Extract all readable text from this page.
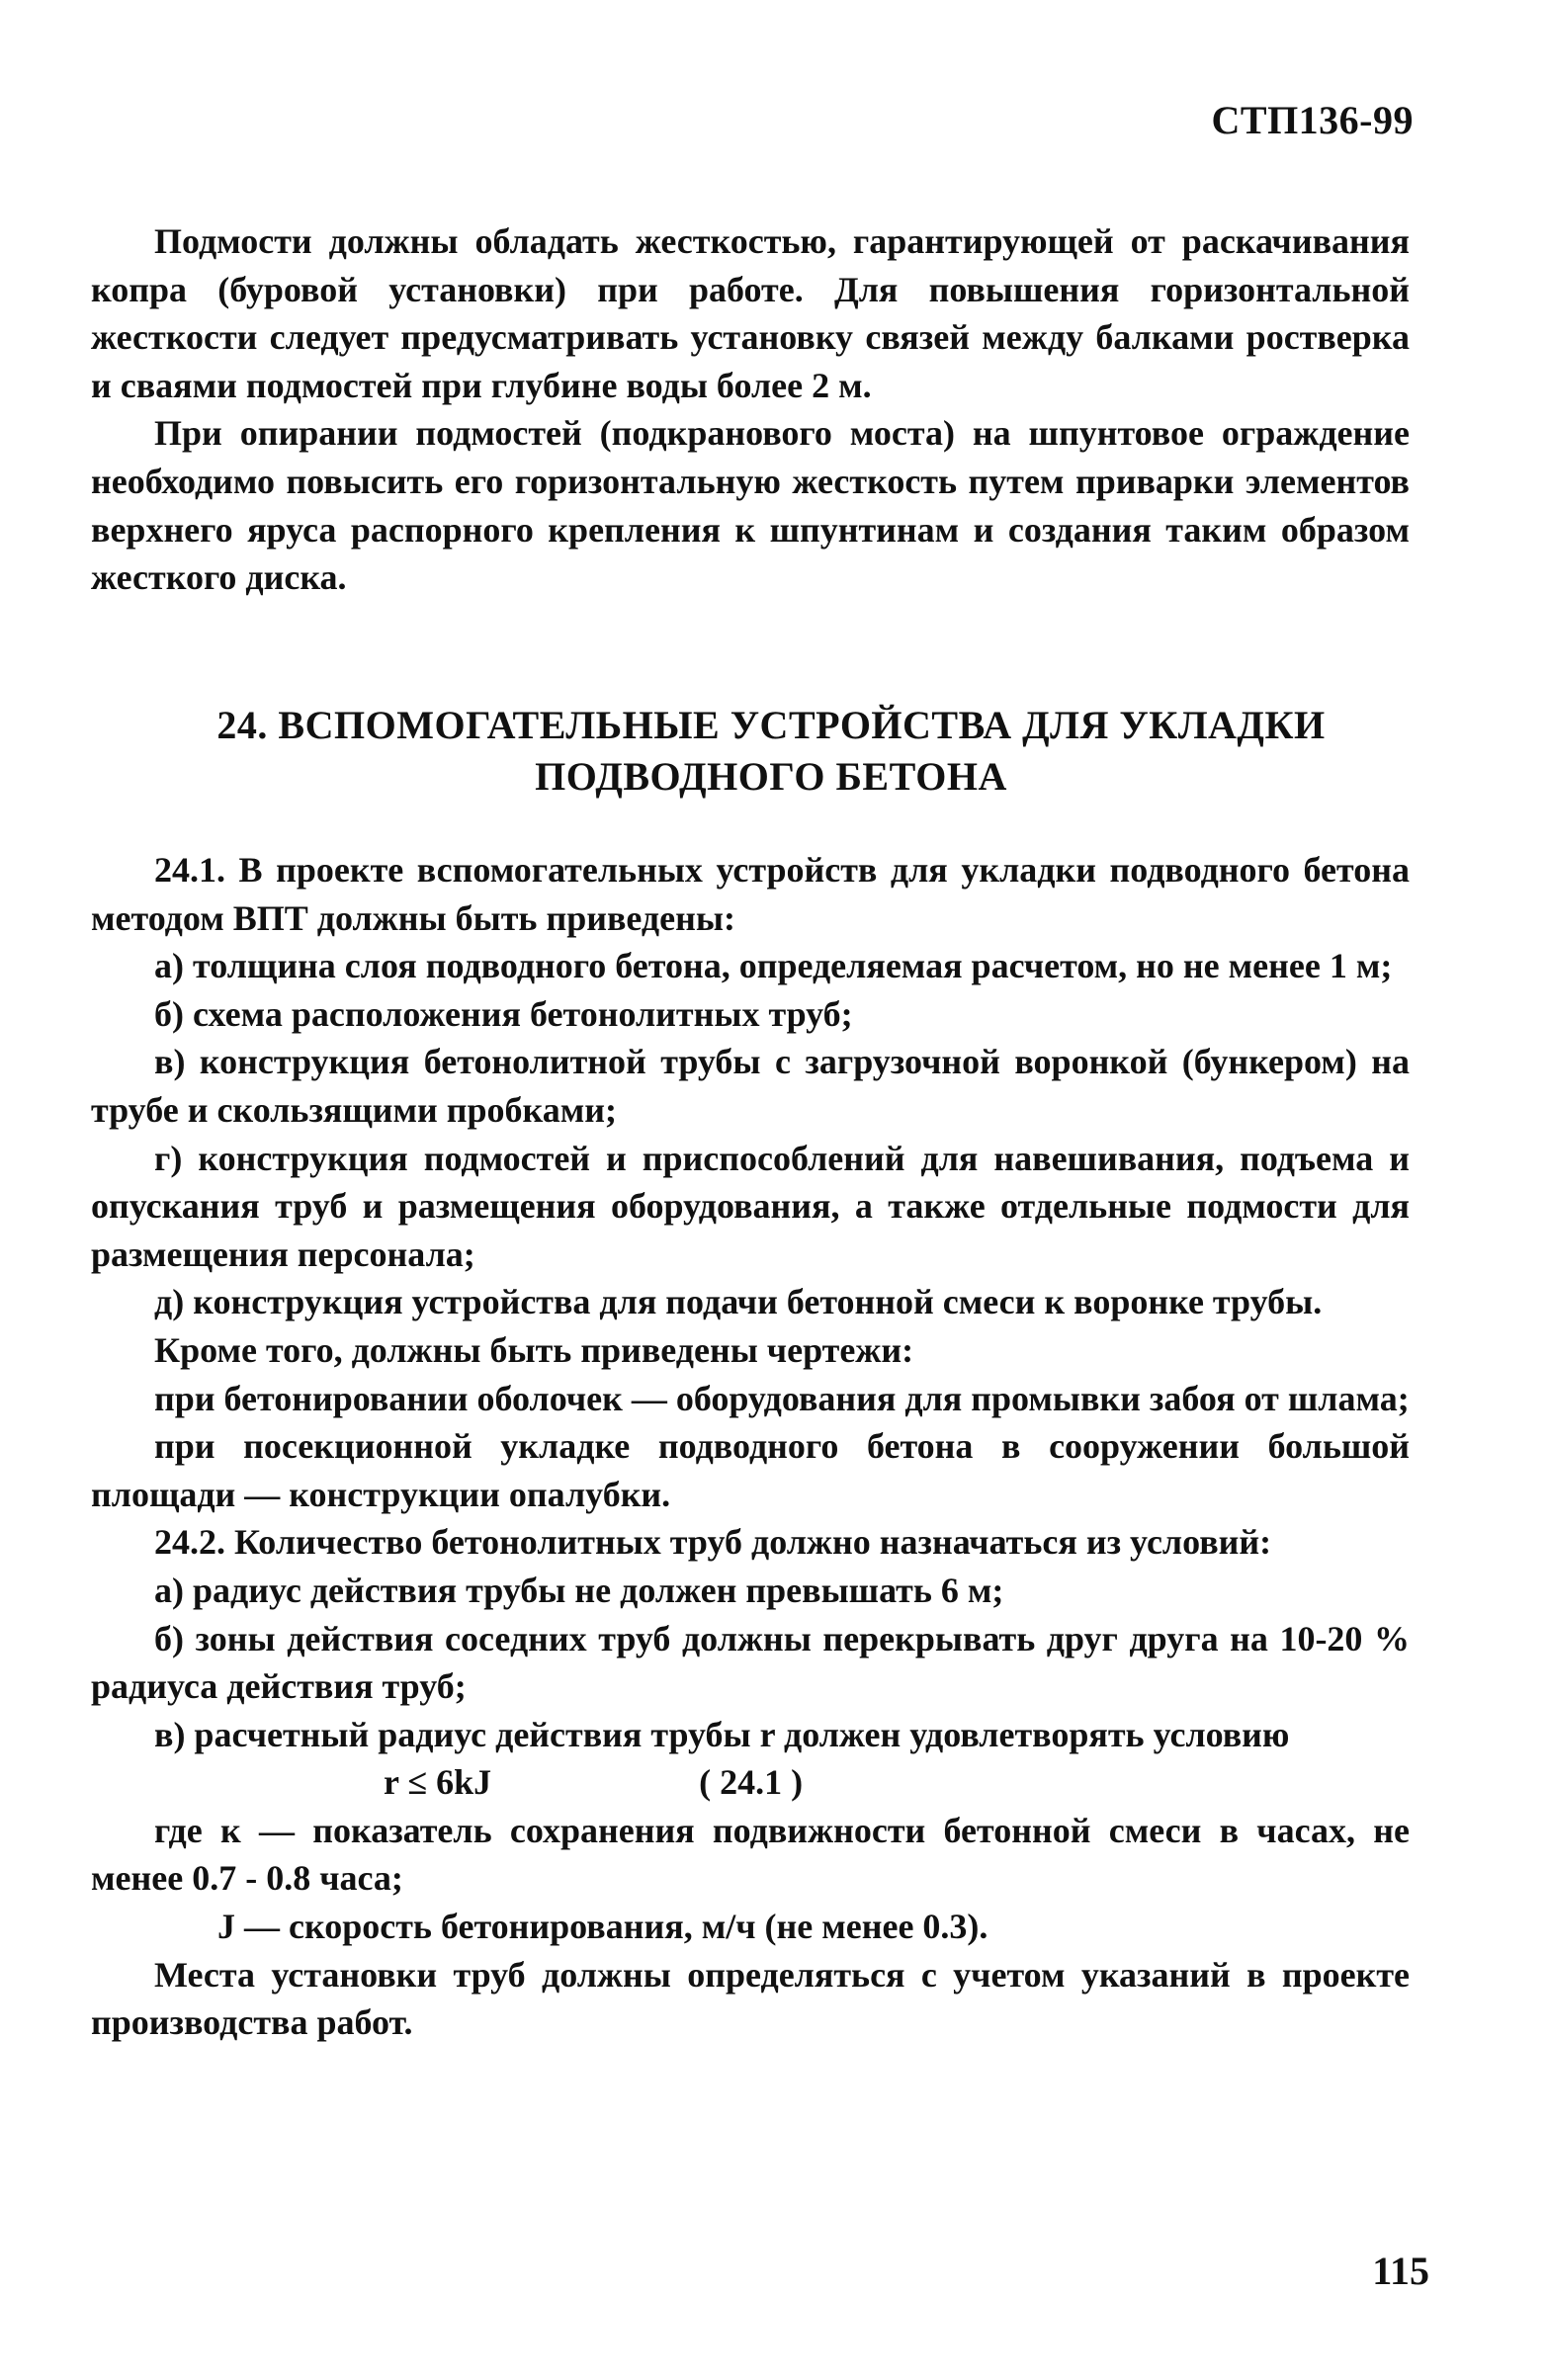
СТП136-99

Подмости должны обладать жесткостью, гарантирующей от раскачивания копра (буровой установки) при работе. Для повышения горизонтальной жесткости следует предусматривать установку связей между балками ростверка и сваями подмостей при глубине воды более 2 м.

При опирании подмостей (подкранового моста) на шпунтовое ограждение необходимо повысить его горизонтальную жесткость путем приварки элементов верхнего яруса распорного крепления к шпунтинам и создания таким образом жесткого диска.

24. ВСПОМОГАТЕЛЬНЫЕ УСТРОЙСТВА ДЛЯ УКЛАДКИ
ПОДВОДНОГО БЕТОНА

24.1. В проекте вспомогательных устройств для укладки подводного бетона методом ВПТ должны быть приведены:

а) толщина слоя подводного бетона, определяемая расчетом, но не менее 1 м;

б) схема расположения бетонолитных труб;

в) конструкция бетонолитной трубы с загрузочной воронкой (бункером) на трубе и скользящими пробками;

г) конструкция подмостей и приспособлений для навешивания, подъема и опускания труб и размещения оборудования, а также отдельные подмости для размещения персонала;

д) конструкция устройства для подачи бетонной смеси к воронке трубы.

Кроме того, должны быть приведены чертежи:

при бетонировании оболочек — оборудования для промывки забоя от шлама;

при посекционной укладке подводного бетона в сооружении большой площади — конструкции опалубки.

24.2. Количество бетонолитных труб должно назначаться из условий:

а) радиус действия трубы не должен превышать 6 м;

б) зоны действия соседних труб должны перекрывать друг друга на 10-20 % радиуса действия труб;

в) расчетный радиус действия трубы r должен удовлетворять условию

r ≤ 6kJ	( 24.1 )

где к — показатель сохранения подвижности бетонной смеси в часах, не менее 0.7 - 0.8 часа;

J — скорость бетонирования, м/ч (не менее 0.3).

Места установки труб должны определяться с учетом указаний в проекте производства работ.

115
